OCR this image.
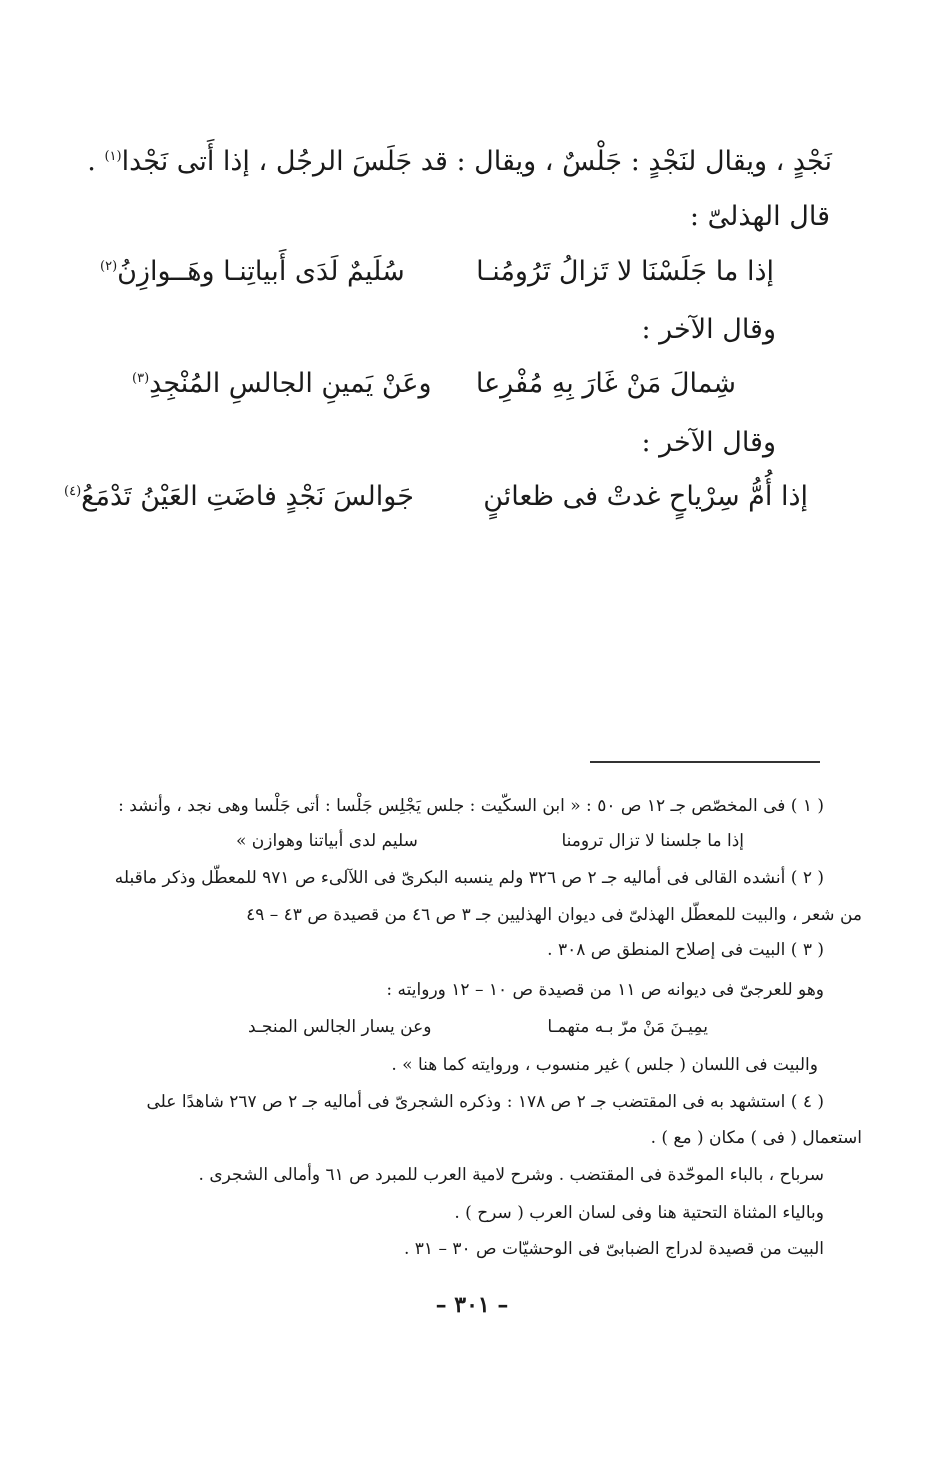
نَجْدٍ ، ويقال لنَجْدٍ : جَلْسٌ ، ويقال : قد جَلَسَ الرجُل ، إذا أَتى نَجْدا$^{(١)}$ .
قال الهذلىّ :
إذا ما جَلَسْنَا لا تَزالُ تَرُومُنـا
سُلَيمٌ لَدَى أَبياتِنـا وهَــوازِنُ$^{(٢)}$
وقال الآخر :
شِمالَ مَنْ غَارَ بِهِ مُفْرِعا
وعَنْ يَمينِ الجالسِ المُنْجِدِ$^{(٣)}$
وقال الآخر :
إذا أُمُّ سِرْياحٍ غدتْ فى ظعائنٍ
جَوالسَ نَجْدٍ فاضَتِ العَيْنُ تَدْمَعُ$^{(٤)}$
( ١ ) فى المخصّص جـ ١٢ ص ٥٠ : « ابن السكّيت : جلس يَجْلِس جَلْسا : أتى جَلْسا وهى نجد ، وأنشد :
إذا ما جلسنا لا تزال ترومنا
سليم لدى أبياتنا وهوازن »
( ٢ ) أنشده القالى فى أماليه جـ ٢ ص ٣٢٦ ولم ينسبه البكرىّ فى اللآلىء ص ٩٧١ للمعطّل وذكر ماقبله
من شعر ، والبيت للمعطّل الهذلىّ فى ديوان الهذليين جـ ٣ ص ٤٦ من قصيدة ص ٤٣ – ٤٩
( ٣ ) البيت فى إصلاح المنطق ص ٣٠٨ .
وهو للعرجىّ فى ديوانه ص ١١ من قصيدة ص ١٠ – ١٢ وروايته :
يمِيـنَ مَنْ مرّ بـه متهمـا
وعن يسار الجالس المنجـد
والبيت فى اللسان ( جلس ) غير منسوب ، وروايته كما هنا » .
( ٤ ) استشهد به فى المقتضب جـ ٢ ص ١٧٨ : وذكره الشجرىّ فى أماليه جـ ٢ ص ٢٦٧ شاهدًا على
استعمال ( فى ) مكان ( مع ) .
سرباح ، بالباء الموحّدة فى المقتضب . وشرح لامية العرب للمبرد ص ٦١ وأمالى الشجرى .
وبالياء المثناة التحتية هنا وفى لسان العرب ( سرح ) .
البيت من قصيدة لدراج الضبابىّ فى الوحشيّات ص ٣٠ – ٣١ .
– ٣٠١ –
